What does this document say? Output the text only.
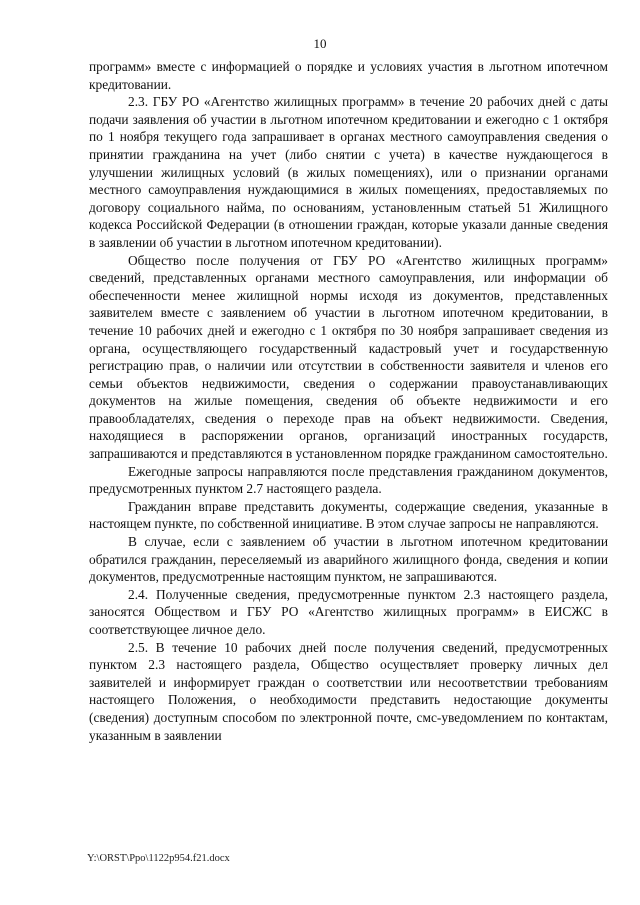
10

программ» вместе с информацией о порядке и условиях участия в льготном ипотечном кредитовании.

2.3. ГБУ РО «Агентство жилищных программ» в течение 20 рабочих дней с даты подачи заявления об участии в льготном ипотечном кредитовании и ежегодно с 1 октября по 1 ноября текущего года запрашивает в органах местного самоуправления сведения о принятии гражданина на учет (либо снятии с учета) в качестве нуждающегося в улучшении жилищных условий (в жилых помещениях), или о признании органами местного самоуправления нуждающимися в жилых помещениях, предоставляемых по договору социального найма, по основаниям, установленным статьей 51 Жилищного кодекса Российской Федерации (в отношении граждан, которые указали данные сведения в заявлении об участии в льготном ипотечном кредитовании).

Общество после получения от ГБУ РО «Агентство жилищных программ» сведений, представленных органами местного самоуправления, или информации об обеспеченности менее жилищной нормы исходя из документов, представленных заявителем вместе с заявлением об участии в льготном ипотечном кредитовании, в течение 10 рабочих дней и ежегодно с 1 октября по 30 ноября запрашивает сведения из органа, осуществляющего государственный кадастровый учет и государственную регистрацию прав, о наличии или отсутствии в собственности заявителя и членов его семьи объектов недвижимости, сведения о содержании правоустанавливающих документов на жилые помещения, сведения об объекте недвижимости и его правообладателях, сведения о переходе прав на объект недвижимости. Сведения, находящиеся в распоряжении органов, организаций иностранных государств, запрашиваются и представляются в установленном порядке гражданином самостоятельно.

Ежегодные запросы направляются после представления гражданином документов, предусмотренных пунктом 2.7 настоящего раздела.

Гражданин вправе представить документы, содержащие сведения, указанные в настоящем пункте, по собственной инициативе. В этом случае запросы не направляются.

В случае, если с заявлением об участии в льготном ипотечном кредитовании обратился гражданин, переселяемый из аварийного жилищного фонда, сведения и копии документов, предусмотренные настоящим пунктом, не запрашиваются.

2.4. Полученные сведения, предусмотренные пунктом 2.3 настоящего раздела, заносятся Обществом и ГБУ РО «Агентство жилищных программ» в ЕИСЖС в соответствующее личное дело.

2.5. В течение 10 рабочих дней после получения сведений, предусмотренных пунктом 2.3 настоящего раздела, Общество осуществляет проверку личных дел заявителей и информирует граждан о соответствии или несоответствии требованиям настоящего Положения, о необходимости представить недостающие документы (сведения) доступным способом по электронной почте, смс-уведомлением по контактам, указанным в заявлении

Y:\ORST\Ppo\1122p954.f21.docx
